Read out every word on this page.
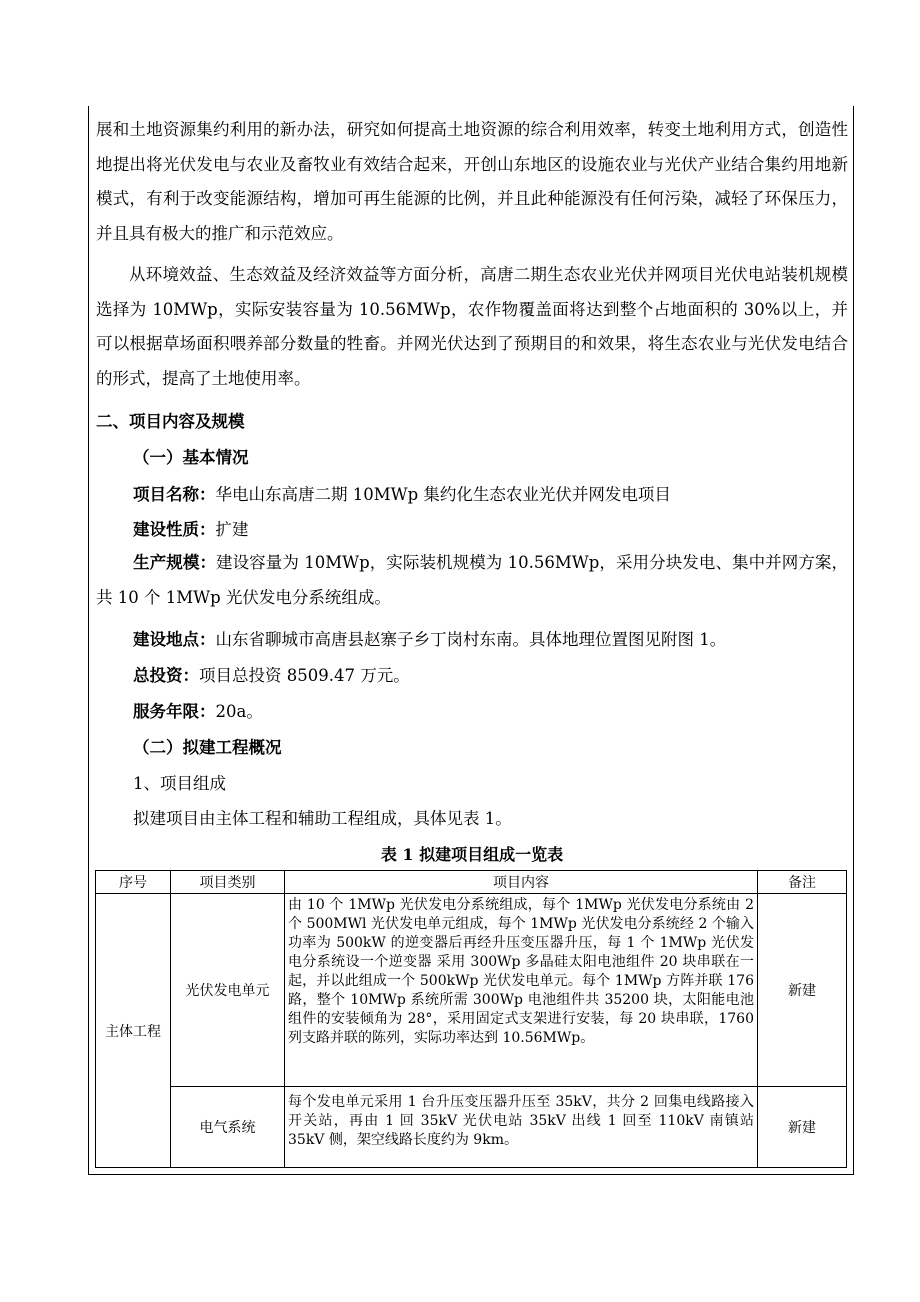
展和土地资源集约利用的新办法，研究如何提高土地资源的综合利用效率，转变土地利用方式，创造性地提出将光伏发电与农业及畜牧业有效结合起来，开创山东地区的设施农业与光伏产业结合集约用地新模式，有利于改变能源结构，增加可再生能源的比例，并且此种能源没有任何污染，减轻了环保压力，并且具有极大的推广和示范效应。

从环境效益、生态效益及经济效益等方面分析，高唐二期生态农业光伏并网项目光伏电站装机规模选择为 10MWp，实际安装容量为 10.56MWp，农作物覆盖面将达到整个占地面积的 30%以上，并可以根据草场面积喂养部分数量的牲畜。并网光伏达到了预期目的和效果，将生态农业与光伏发电结合的形式，提高了土地使用率。

二、项目内容及规模

（一）基本情况

项目名称：华电山东高唐二期 10MWp 集约化生态农业光伏并网发电项目

建设性质：扩建

生产规模：建设容量为 10MWp，实际装机规模为 10.56MWp，采用分块发电、集中并网方案，共 10 个 1MWp 光伏发电分系统组成。

建设地点：山东省聊城市高唐县赵寨子乡丁岗村东南。具体地理位置图见附图 1。

总投资：项目总投资 8509.47 万元。

服务年限：20a。

（二）拟建工程概况

1、项目组成

拟建项目由主体工程和辅助工程组成，具体见表 1。

表 1 拟建项目组成一览表

序号	项目类别	项目内容	备注
主体工程	光伏发电单元	由 10 个 1MWp 光伏发电分系统组成，每个 1MWp 光伏发电分系统由 2 个 500MWl 光伏发电单元组成，每个 1MWp 光伏发电分系统经 2 个输入功率为 500kW 的逆变器后再经升压变压器升压，每 1 个 1MWp 光伏发电分系统设一个逆变器 采用 300Wp 多晶硅太阳电池组件 20 块串联在一起，并以此组成一个 500kWp 光伏发电单元。每个 1MWp 方阵并联 176 路，整个 10MWp 系统所需 300Wp 电池组件共 35200 块，太阳能电池组件的安装倾角为 28°，采用固定式支架进行安装，每 20 块串联，1760 列支路并联的陈列，实际功率达到 10.56MWp。	新建
	电气系统	每个发电单元采用 1 台升压变压器升压至 35kV，共分 2 回集电线路接入开关站，再由 1 回 35kV 光伏电站 35kV 出线 1 回至 110kV 南镇站 35kV 侧，架空线路长度约为 9km。	新建
